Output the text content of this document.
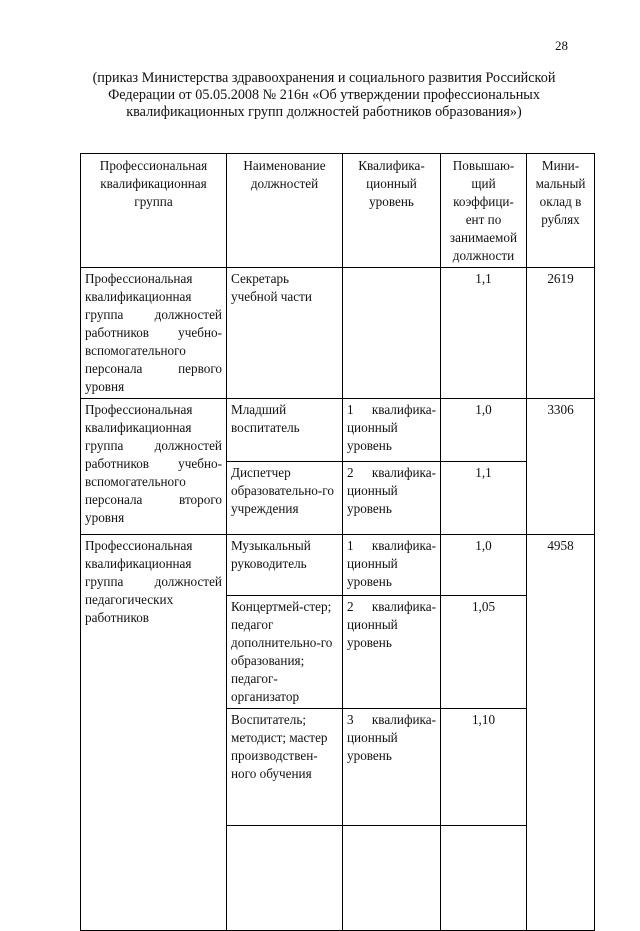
28
(приказ Министерства здравоохранения и социального развития Российской Федерации от 05.05.2008 № 216н «Об утверждении профессиональных квалификационных групп должностей работников образования»)
Профессиональная квалификационная группа	Наименование должностей	Квалифика-ционный уровень	Повышаю-щий коэффици-ент по занимаемой должности	Мини-мальный оклад в рублях
Профессиональная квалификационная группа должностей работников учебно-вспомогательного персонала первого уровня	Секретарь учебной части		1,1	2619
Профессиональная квалификационная группа должностей работников учебно-вспомогательного персонала второго уровня	Младший воспитатель	1 квалифика-ционный уровень	1,0	3306
	Диспетчер образовательно-го учреждения	2 квалифика-ционный уровень	1,1	
Профессиональная квалификационная группа должностей педагогических работников	Музыкальный руководитель	1 квалифика-ционный уровень	1,0	4958
	Концертмей-стер; педагог дополнительно-го образования; педагог-организатор	2 квалифика-ционный уровень	1,05	
	Воспитатель; методист; мастер производствен-ного обучения	3 квалифика-ционный уровень	1,10	
